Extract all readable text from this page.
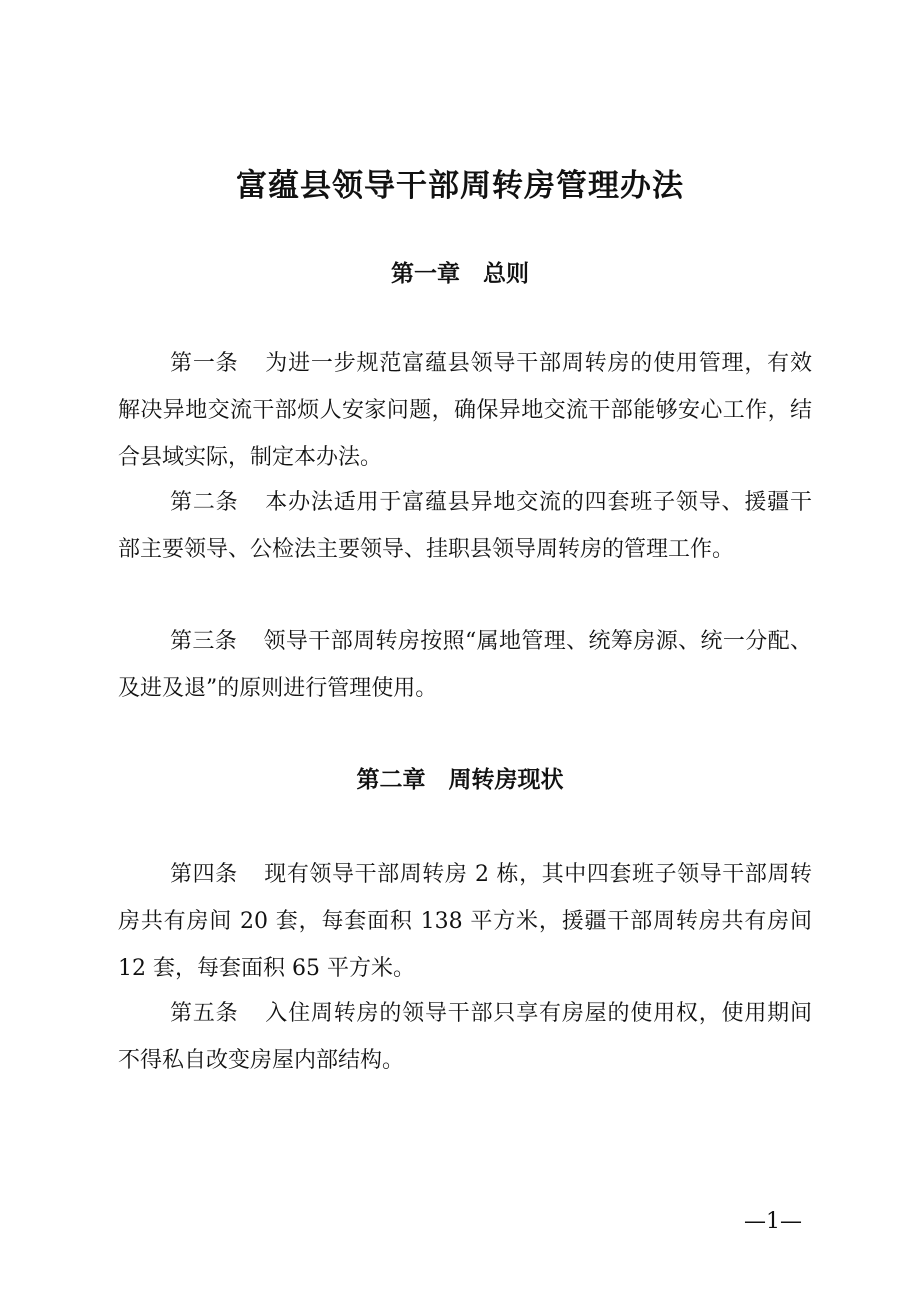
富蕴县领导干部周转房管理办法
第一章　总则

第一条 为进一步规范富蕴县领导干部周转房的使用管理，有效解决异地交流干部烦人安家问题，确保异地交流干部能够安心工作，结合县域实际，制定本办法。

第二条 本办法适用于富蕴县异地交流的四套班子领导、援疆干部主要领导、公检法主要领导、挂职县领导周转房的管理工作。

第三条 领导干部周转房按照“属地管理、统筹房源、统一分配、及进及退”的原则进行管理使用。

第二章　周转房现状

第四条 现有领导干部周转房 2 栋，其中四套班子领导干部周转房共有房间 20 套，每套面积 138 平方米，援疆干部周转房共有房间 12 套，每套面积 65 平方米。

第五条 入住周转房的领导干部只享有房屋的使用权，使用期间不得私自改变房屋内部结构。

—1—
